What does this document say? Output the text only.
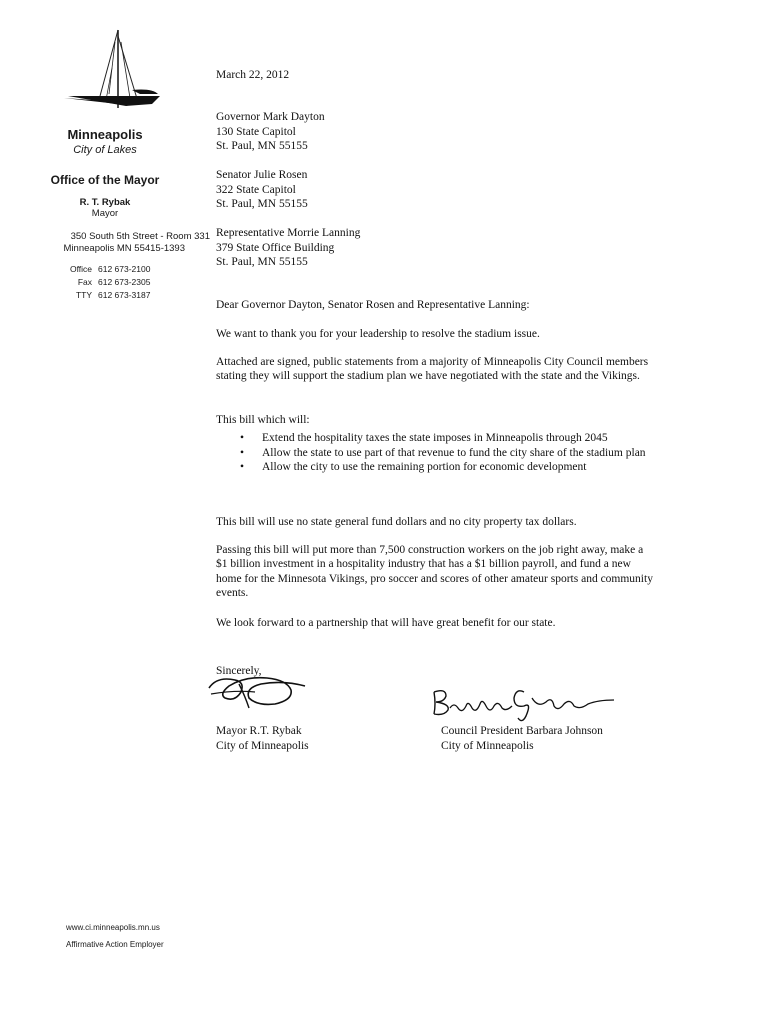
Minneapolis
City of Lakes
Office of the Mayor
R. T. Rybak
Mayor
350 South 5th Street - Room 331
Minneapolis MN 55415-1393
Office 612 673-2100
Fax 612 673-2305
TTY 612 673-3187
www.ci.minneapolis.mn.us
Affirmative Action Employer
March 22, 2012
Governor Mark Dayton
130 State Capitol
St. Paul, MN 55155
Senator Julie Rosen
322 State Capitol
St. Paul, MN 55155
Representative Morrie Lanning
379 State Office Building
St. Paul, MN 55155

Dear Governor Dayton, Senator Rosen and Representative Lanning:

We want to thank you for your leadership to resolve the stadium issue.

Attached are signed, public statements from a majority of Minneapolis City Council members stating they will support the stadium plan we have negotiated with the state and the Vikings.

This bill which will:

• Extend the hospitality taxes the state imposes in Minneapolis through 2045
• Allow the state to use part of that revenue to fund the city share of the stadium plan
• Allow the city to use the remaining portion for economic development

This bill will use no state general fund dollars and no city property tax dollars.

Passing this bill will put more than 7,500 construction workers on the job right away, make a $1 billion investment in a hospitality industry that has a $1 billion payroll, and fund a new home for the Minnesota Vikings, pro soccer and scores of other amateur sports and community events.

We look forward to a partnership that will have great benefit for our state.

Sincerely,

Mayor R.T. Rybak
City of Minneapolis
Council President Barbara Johnson
City of Minneapolis
